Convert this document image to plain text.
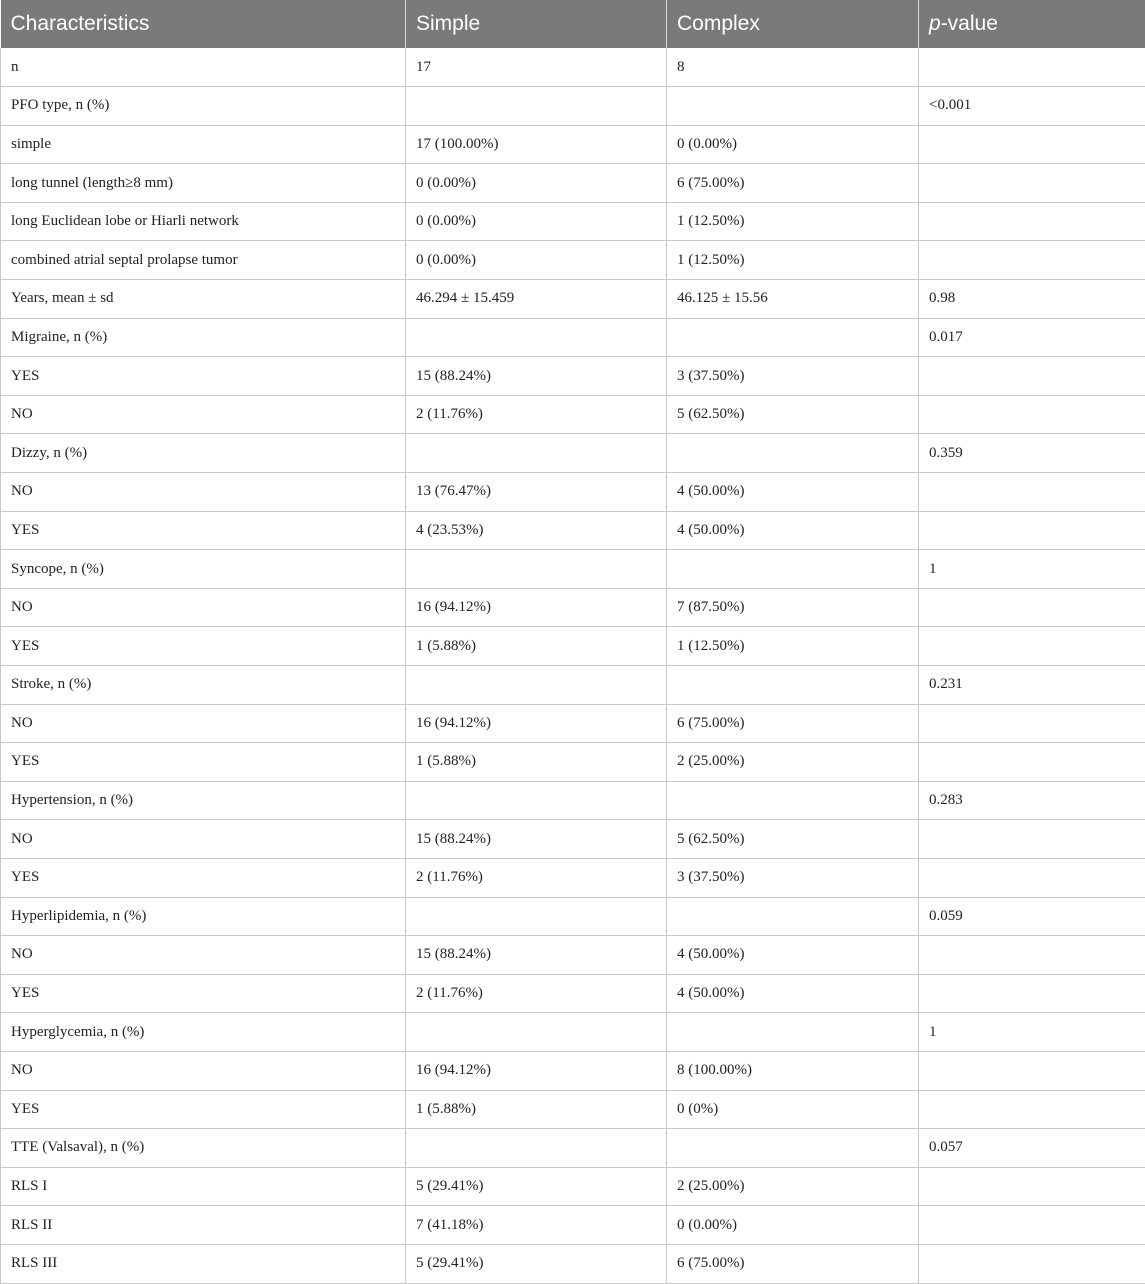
Characteristics	Simple	Complex	p-value
n	17	8	
PFO type, n (%)			<0.001
simple	17 (100.00%)	0 (0.00%)	
long tunnel (length≥8 mm)	0 (0.00%)	6 (75.00%)	
long Euclidean lobe or Hiarli network	0 (0.00%)	1 (12.50%)	
combined atrial septal prolapse tumor	0 (0.00%)	1 (12.50%)	
Years, mean ± sd	46.294 ± 15.459	46.125 ± 15.56	0.98
Migraine, n (%)			0.017
YES	15 (88.24%)	3 (37.50%)	
NO	2 (11.76%)	5 (62.50%)	
Dizzy, n (%)			0.359
NO	13 (76.47%)	4 (50.00%)	
YES	4 (23.53%)	4 (50.00%)	
Syncope, n (%)			1
NO	16 (94.12%)	7 (87.50%)	
YES	1 (5.88%)	1 (12.50%)	
Stroke, n (%)			0.231
NO	16 (94.12%)	6 (75.00%)	
YES	1 (5.88%)	2 (25.00%)	
Hypertension, n (%)			0.283
NO	15 (88.24%)	5 (62.50%)	
YES	2 (11.76%)	3 (37.50%)	
Hyperlipidemia, n (%)			0.059
NO	15 (88.24%)	4 (50.00%)	
YES	2 (11.76%)	4 (50.00%)	
Hyperglycemia, n (%)			1
NO	16 (94.12%)	8 (100.00%)	
YES	1 (5.88%)	0 (0%)	
TTE (Valsaval), n (%)			0.057
RLS I	5 (29.41%)	2 (25.00%)	
RLS II	7 (41.18%)	0 (0.00%)	
RLS III	5 (29.41%)	6 (75.00%)	
